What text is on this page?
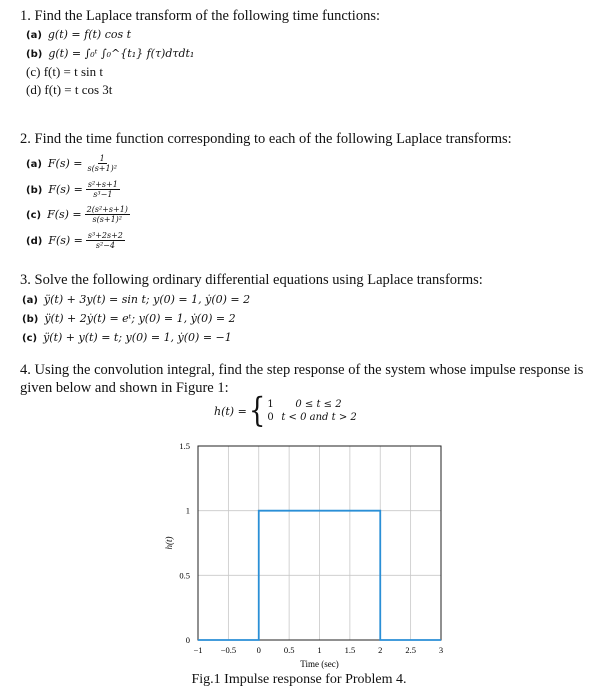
1. Find the Laplace transform of the following time functions:
(a) g(t) = f(t) cos t
(b) g(t) = ∫₀ᵗ ∫₀^{t₁} f(τ)dτdt₁
(c) f(t) = t sin t
(d) f(t) = t cos 3t
2. Find the time function corresponding to each of the following Laplace transforms:
(a) $F(s) = \frac{1}{\text{s(s+1)²}}$
(b) $F(s) = \frac{\text{s²+s+1}}{\text{s³−1}}$
(c) $F(s) = \frac{\text{2(s²+s+1)}}{\text{s(s+1)²}}$
(d) $F(s) = \frac{\text{s³+2s+2}}{\text{s²−4}}$
3. Solve the following ordinary differential equations using Laplace transforms:
(a) ÿ(t) + 3y(t) = sin t; y(0) = 1, ẏ(0) = 2
(b) ÿ(t) + 2ẏ(t) = eᵗ; y(0) = 1, ẏ(0) = 2
(c) ÿ(t) + y(t) = t; y(0) = 1, ẏ(0) = −1
4. Using the convolution integral, find the step response of the system whose impulse response is
given below and shown in Figure 1:
h(t) = { 1 0 ≤ t ≤ 2
0 t < 0 and t > 2
−1 −0.5 0	0.5	1	1.5	2	2.5	3
0
0.5
1
1.5
Time (sec)
h(t)
Fig.1 Impulse response for Problem 4.
